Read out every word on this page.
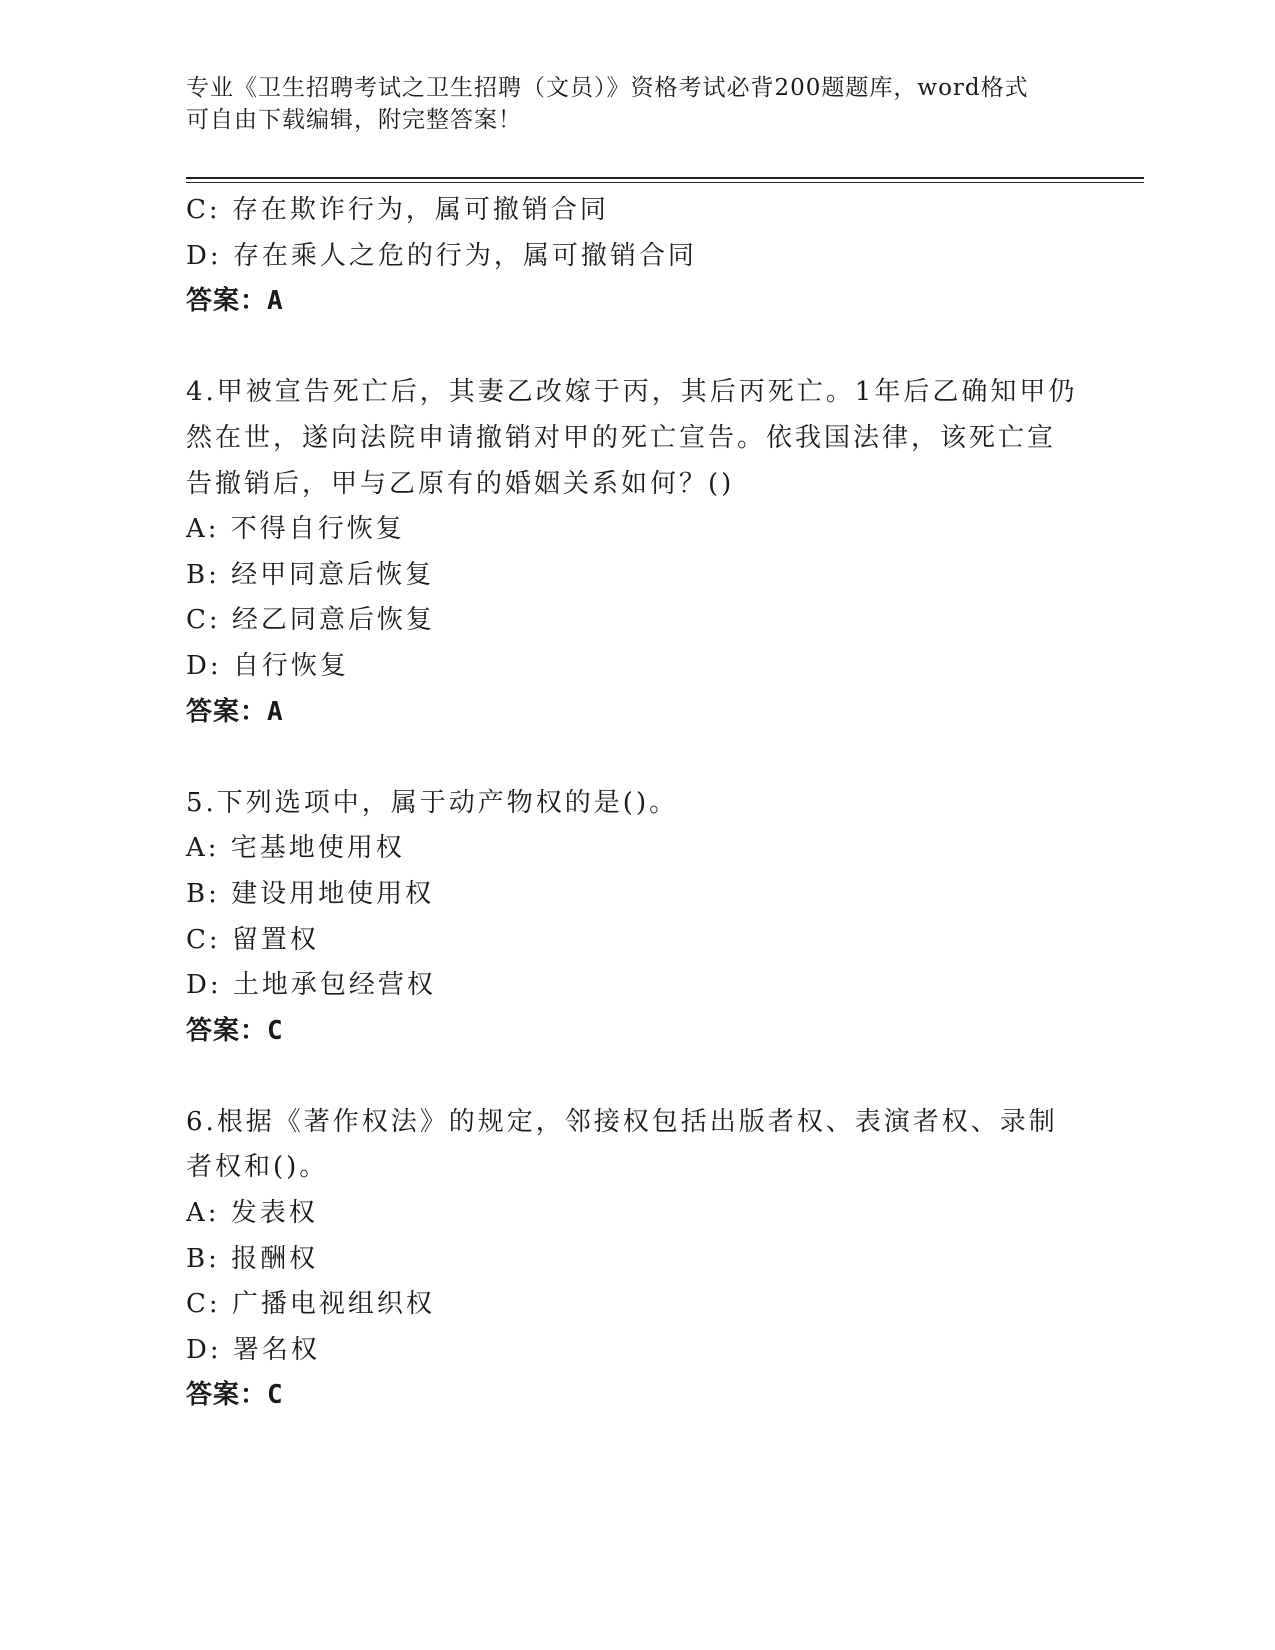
专业《卫生招聘考试之卫生招聘（文员）》资格考试必背200题题库，word格式
可自由下载编辑，附完整答案！
C: 存在欺诈行为，属可撤销合同
D: 存在乘人之危的行为，属可撤销合同
答案：A
4.甲被宣告死亡后，其妻乙改嫁于丙，其后丙死亡。1年后乙确知甲仍
然在世，遂向法院申请撤销对甲的死亡宣告。依我国法律，该死亡宣
告撤销后，甲与乙原有的婚姻关系如何？()
A: 不得自行恢复
B: 经甲同意后恢复
C: 经乙同意后恢复
D: 自行恢复
答案：A
5.下列选项中，属于动产物权的是()。
A: 宅基地使用权
B: 建设用地使用权
C: 留置权
D: 土地承包经营权
答案：C
6.根据《著作权法》的规定，邻接权包括出版者权、表演者权、录制
者权和()。
A: 发表权
B: 报酬权
C: 广播电视组织权
D: 署名权
答案：C
